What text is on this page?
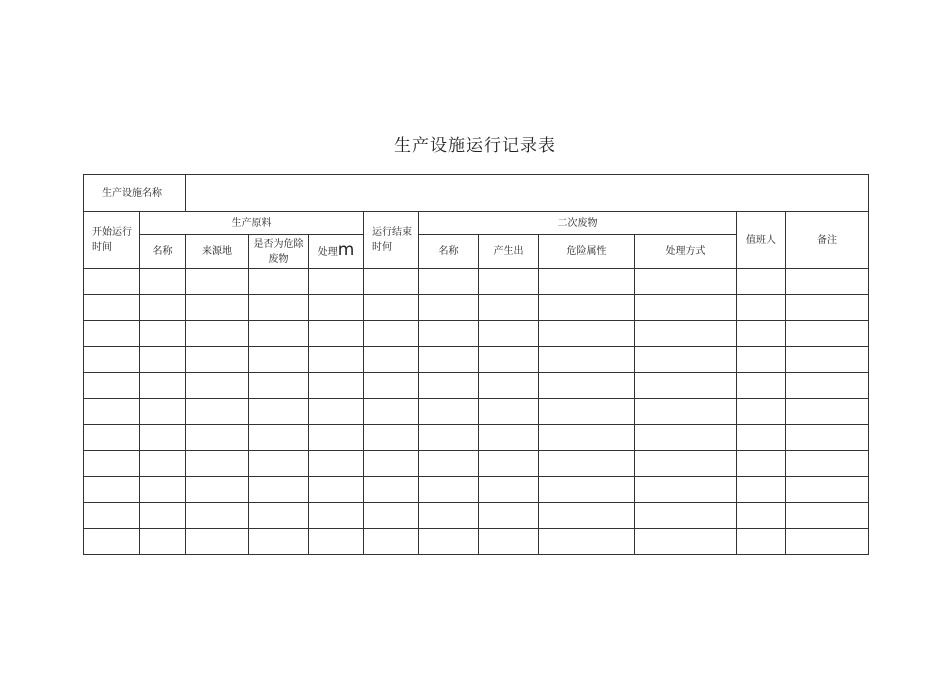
生产设施运行记录表
生产设施名称											
开始运行时间	生产原料				运行结束时何	二次废物				值班人	备注
	名称	来源地	是否为危除废物	处理m		名称	产生出	危险属性	处理方式		
